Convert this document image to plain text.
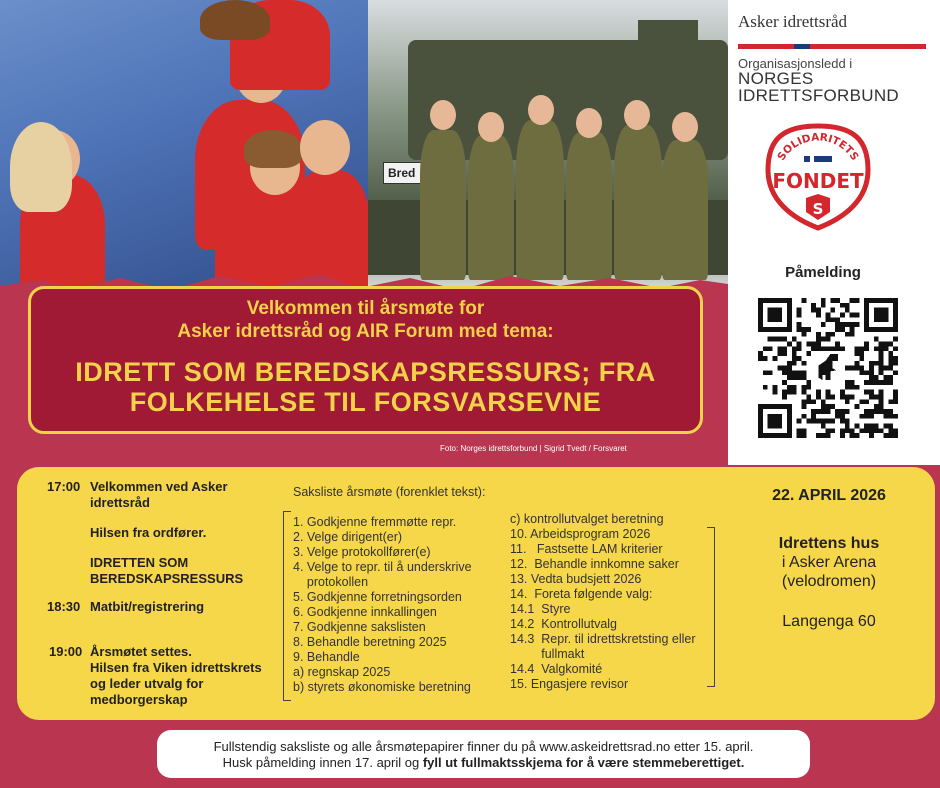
Bred
Asker idrettsråd
Organisasjonsledd i
NORGES
IDRETTSFORBUND
SOLIDARITETS
FONDET
S
Påmelding
Velkommen til årsmøte for
Asker idrettsråd og AIR Forum med tema:
IDRETT SOM BEREDSKAPSRESSURS; FRA
FOLKEHELSE TIL FORSVARSEVNE
Foto: Norges idrettsforbund | Sigrid Tvedt / Forsvaret
17:00 Velkommen ved Asker
idrettsråd
Hilsen fra ordfører.
IDRETTEN SOM
BEREDSKAPSRESSURS
18:30 Matbit/registrering
19:00 Årsmøtet settes.
Hilsen fra Viken idrettskrets
og leder utvalg for
medborgerskap
Saksliste årsmøte (forenklet tekst):
1. Godkjenne fremmøtte repr.
2. Velge dirigent(er)
3. Velge protokollfører(e)
4. Velge to repr. til å underskrive
protokollen
5. Godkjenne forretningsorden
6. Godkjenne innkallingen
7. Godkjenne sakslisten
8. Behandle beretning 2025
9. Behandle
a) regnskap 2025
b) styrets økonomiske beretning
c) kontrollutvalget beretning
10. Arbeidsprogram 2026
11.   Fastsette LAM kriterier
12.  Behandle innkomne saker
13. Vedta budsjett 2026
14.  Foreta følgende valg:
14.1  Styre
14.2  Kontrollutvalg
14.3  Repr. til idrettskretsting eller
fullmakt
14.4  Valgkomité
15. Engasjere revisor
22. APRIL 2026
Idrettens hus
i Asker Arena
(velodromen)
Langenga 60
Fullstendig saksliste og alle årsmøtepapirer finner du på www.askeidrettsrad.no etter 15. april.
Husk påmelding innen 17. april og fyll ut fullmaktsskjema for å være stemmeberettiget.
